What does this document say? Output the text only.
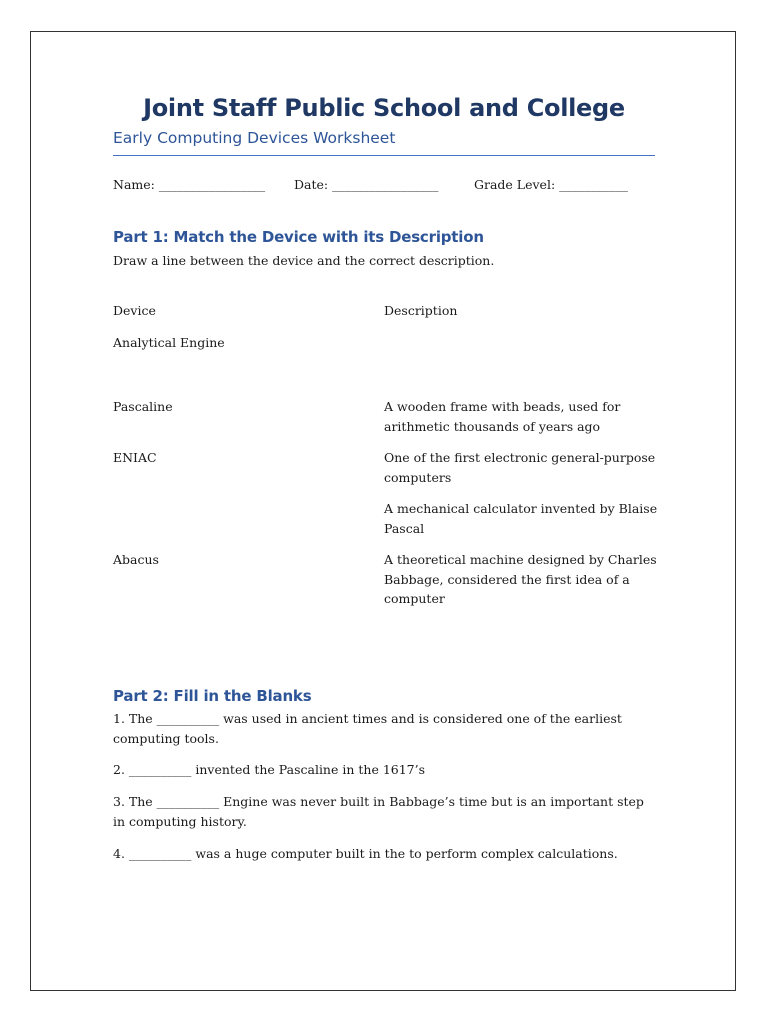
Joint Staff Public School and College
Early Computing Devices Worksheet
Name: _________________ Date: _________________	Grade Level: ___________
Part 1: Match the Device with its Description
Draw a line between the device and the correct description.
Device	Description
Analytical Engine
Pascaline
ENIAC
Abacus
A wooden frame with beads, used for arithmetic thousands of years ago
One of the first electronic general-purpose computers
A mechanical calculator invented by Blaise Pascal
A theoretical machine designed by Charles Babbage, considered the first idea of a computer
Part 2: Fill in the Blanks
1. The __________ was used in ancient times and is considered one of the earliest computing tools.
2. __________ invented the Pascaline in the 1617’s
3. The __________ Engine was never built in Babbage’s time but is an important step in computing history.
4. __________ was a huge computer built in the to perform complex calculations.
